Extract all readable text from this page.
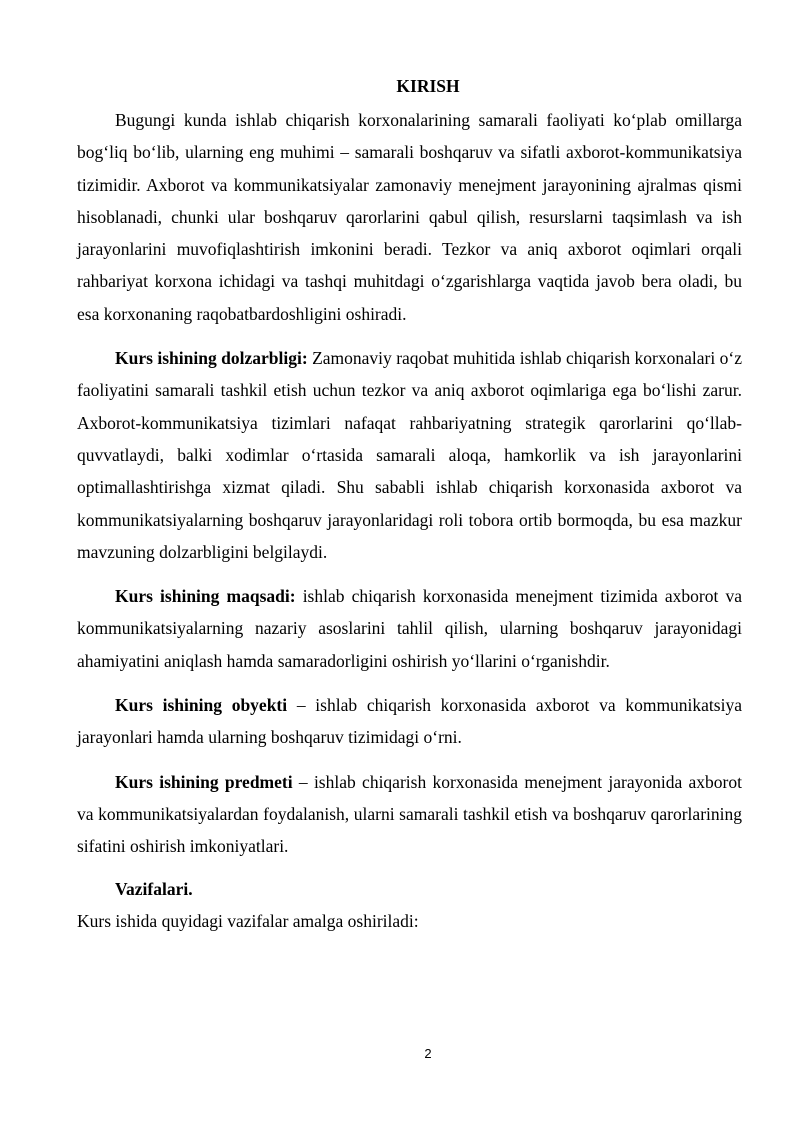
KIRISH

Bugungi kunda ishlab chiqarish korxonalarining samarali faoliyati ko‘plab omillarga bog‘liq bo‘lib, ularning eng muhimi – samarali boshqaruv va sifatli axborot-kommunikatsiya tizimidir. Axborot va kommunikatsiyalar zamonaviy menejment jarayonining ajralmas qismi hisoblanadi, chunki ular boshqaruv qarorlarini qabul qilish, resurslarni taqsimlash va ish jarayonlarini muvofiqlashtirish imkonini beradi. Tezkor va aniq axborot oqimlari orqali rahbariyat korxona ichidagi va tashqi muhitdagi o‘zgarishlarga vaqtida javob bera oladi, bu esa korxonaning raqobatbardoshligini oshiradi.

Kurs ishining dolzarbligi: Zamonaviy raqobat muhitida ishlab chiqarish korxonalari o‘z faoliyatini samarali tashkil etish uchun tezkor va aniq axborot oqimlariga ega bo‘lishi zarur. Axborot-kommunikatsiya tizimlari nafaqat rahbariyatning strategik qarorlarini qo‘llab-quvvatlaydi, balki xodimlar o‘rtasida samarali aloqa, hamkorlik va ish jarayonlarini optimallashtirishga xizmat qiladi. Shu sababli ishlab chiqarish korxonasida axborot va kommunikatsiyalarning boshqaruv jarayonlaridagi roli tobora ortib bormoqda, bu esa mazkur mavzuning dolzarbligini belgilaydi.

Kurs ishining maqsadi: ishlab chiqarish korxonasida menejment tizimida axborot va kommunikatsiyalarning nazariy asoslarini tahlil qilish, ularning boshqaruv jarayonidagi ahamiyatini aniqlash hamda samaradorligini oshirish yo‘llarini o‘rganishdir.

Kurs ishining obyekti – ishlab chiqarish korxonasida axborot va kommunikatsiya jarayonlari hamda ularning boshqaruv tizimidagi o‘rni.

Kurs ishining predmeti – ishlab chiqarish korxonasida menejment jarayonida axborot va kommunikatsiyalardan foydalanish, ularni samarali tashkil etish va boshqaruv qarorlarining sifatini oshirish imkoniyatlari.

Vazifalari.

Kurs ishida quyidagi vazifalar amalga oshiriladi:

2
